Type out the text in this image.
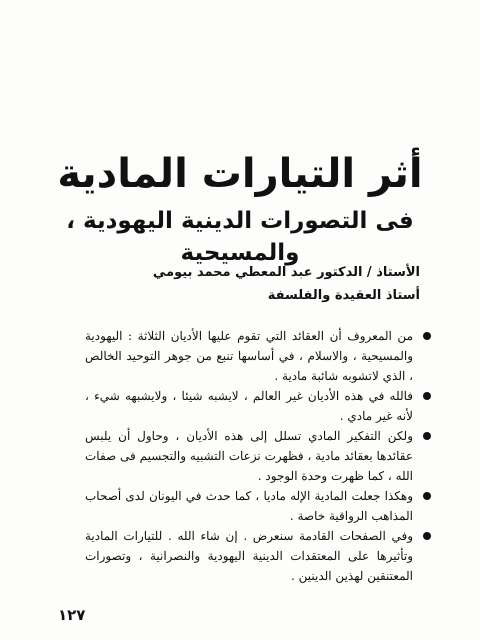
أثر التيارات المادية
فى التصورات الدينية اليهودية ، والمسيحية
الأستاذ / الدكتور عبد المعطي محمد بيومي
أستاذ العقيدة والفلسفة
من المعروف أن العقائد التي تقوم عليها الأديان الثلاثة : اليهودية والمسيحية ، والاسلام ، في أساسها تنبع من جوهر التوحيد الخالص ، الذي لاتشوبه شائبة مادية .
فالله في هذه الأديان غير العالم ، لايشبه شيئا ، ولايشبهه شيء ، لأنه غير مادي .
ولكن التفكير المادي تسلل إلى هذه الأديان ، وحاول أن يلبس عقائدها بعقائد مادية ، فظهرت نزعات التشبيه والتجسيم فى صفات الله ، كما ظهرت وحدة الوجود .
وهكذا جعلت المادية الإله ماديا ، كما حدث في اليونان لدى أصحاب المذاهب الرواقية خاصة .
وفي الصفحات القادمة سنعرض . إن شاء الله . للتيارات المادية وتأثيرها على المعتقدات الدينية اليهودية والنصرانية ، وتصورات المعتنقين لهذين الدينين .
١٢٧
